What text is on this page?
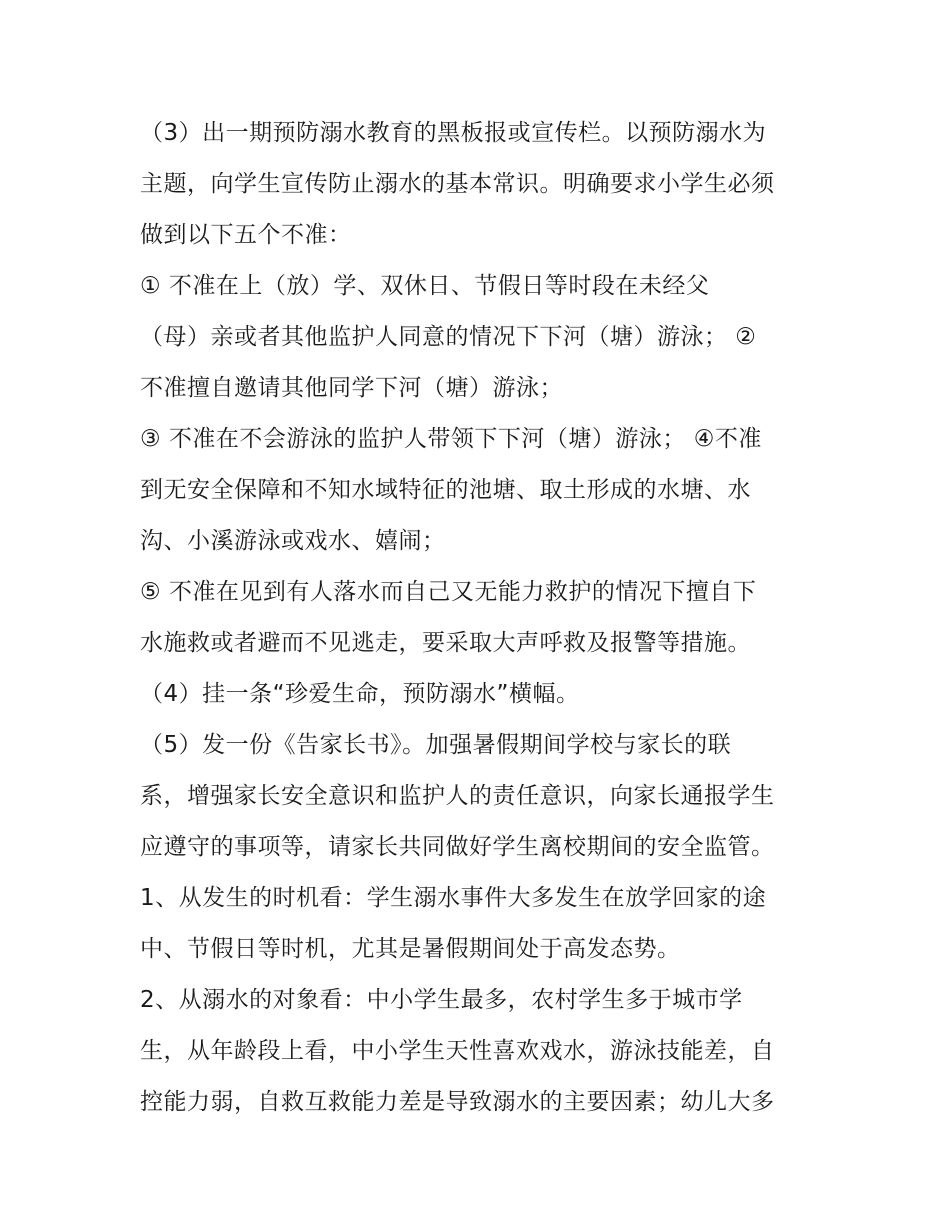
（3）出一期预防溺水教育的黑板报或宣传栏。以预防溺水为
主题，向学生宣传防止溺水的基本常识。明确要求小学生必须
做到以下五个不准：
① 不准在上（放）学、双休日、节假日等时段在未经父
（母）亲或者其他监护人同意的情况下下河（塘）游泳； ②
不准擅自邀请其他同学下河（塘）游泳；
③ 不准在不会游泳的监护人带领下下河（塘）游泳； ④不准
到无安全保障和不知水域特征的池塘、取土形成的水塘、水
沟、小溪游泳或戏水、嬉闹；
⑤ 不准在见到有人落水而自己又无能力救护的情况下擅自下
水施救或者避而不见逃走，要采取大声呼救及报警等措施。
（4）挂一条“珍爱生命，预防溺水”横幅。
（5）发一份《告家长书》。加强暑假期间学校与家长的联
系，增强家长安全意识和监护人的责任意识，向家长通报学生
应遵守的事项等，请家长共同做好学生离校期间的安全监管。
1、从发生的时机看：学生溺水事件大多发生在放学回家的途
中、节假日等时机，尤其是暑假期间处于高发态势。
2、从溺水的对象看：中小学生最多，农村学生多于城市学
生，从年龄段上看，中小学生天性喜欢戏水，游泳技能差，自
控能力弱，自救互救能力差是导致溺水的主要因素；幼儿大多
